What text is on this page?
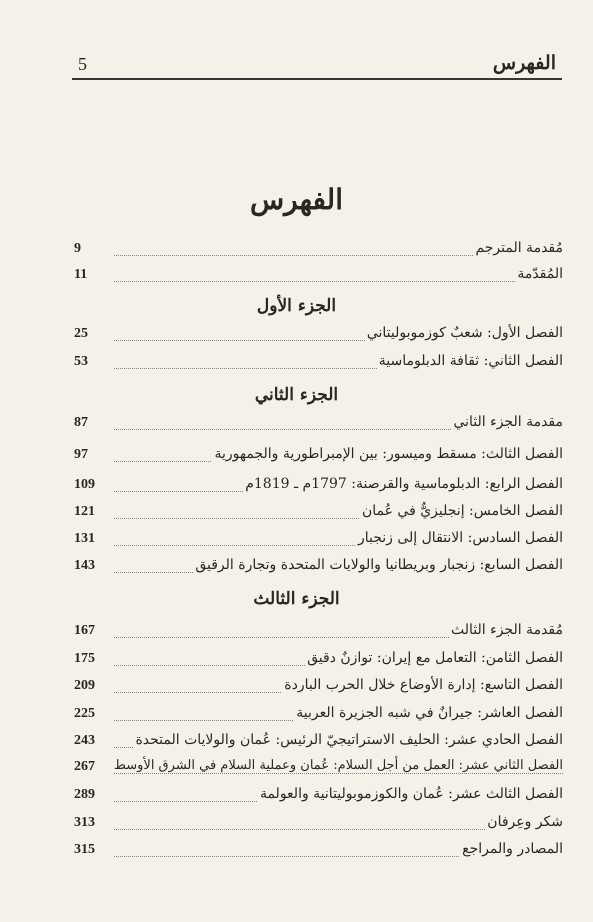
الفهرس
5
الفهرس
مُقدمة المترجم
9
المُقدّمة
11
الجزء الأول
الفصل الأول: شعبٌ كوزموبوليتاني
25
الفصل الثاني: ثقافة الدبلوماسية
53
الجزء الثاني
مقدمة الجزء الثاني
87
الفصل الثالث: مسقط وميسور: بين الإمبراطورية والجمهورية
97
الفصل الرابع: الدبلوماسية والقرصنة: 1797م ـ 1819م
109
الفصل الخامس: إنجليزيٌّ في عُمان
121
الفصل السادس: الانتقال إلى زنجبار
131
الفصل السابع: زنجبار وبريطانيا والولايات المتحدة وتجارة الرقيق
143
الجزء الثالث
مُقدمة الجزء الثالث
167
الفصل الثامن: التعامل مع إيران: توازنٌ دقيق
175
الفصل التاسع: إدارة الأوضاع خلال الحرب الباردة
209
الفصل العاشر: جيرانٌ في شبه الجزيرة العربية
225
الفصل الحادي عشر: الحليف الاستراتيجيّ الرئيس: عُمان والولايات المتحدة
243
الفصل الثاني عشر: العمل من أجل السلام: عُمان وعملية السلام في الشرق الأوسط
267
الفصل الثالث عشر: عُمان والكوزموبوليتانية والعولمة
289
شكر وعِرفان
313
المصادر والمراجع
315
